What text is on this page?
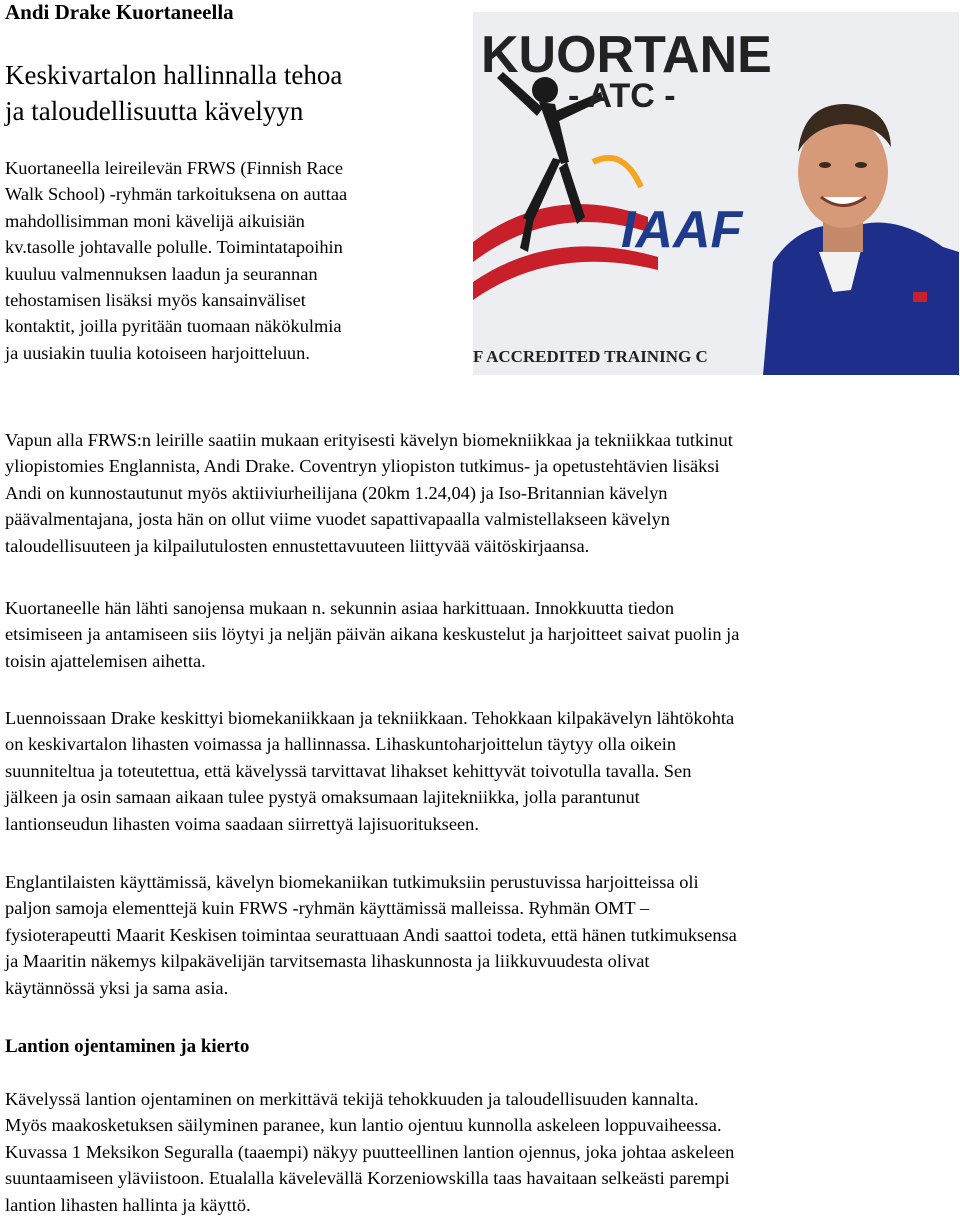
Andi Drake Kuortaneella
Keskivartalon hallinnalla tehoa
ja taloudellisuutta kävelyyn
Kuortaneella leireilevän FRWS (Finnish Race
Walk School) -ryhmän tarkoituksena on auttaa
mahdollisimman moni kävelijä aikuisiän
kv.tasolle johtavalle polulle. Toimintatapoihin
kuuluu valmennuksen laadun ja seurannan
tehostamisen lisäksi myös kansainväliset
kontaktit, joilla pyritään tuomaan näkökulmia
ja uusiakin tuulia kotoiseen harjoitteluun.
KUORTANE
- ATC -
IAAF
F ACCREDITED TRAINING C
Vapun alla FRWS:n leirille saatiin mukaan erityisesti kävelyn biomekniikkaa ja tekniikkaa tutkinut
yliopistomies Englannista, Andi Drake. Coventryn yliopiston tutkimus- ja opetustehtävien lisäksi
Andi on kunnostautunut myös aktiiviurheilijana (20km 1.24,04) ja Iso-Britannian kävelyn
päävalmentajana, josta hän on ollut viime vuodet sapattivapaalla valmistellakseen kävelyn
taloudellisuuteen ja kilpailutulosten ennustettavuuteen liittyvää väitöskirjaansa.
Kuortaneelle hän lähti sanojensa mukaan n. sekunnin asiaa harkittuaan. Innokkuutta tiedon
etsimiseen ja antamiseen siis löytyi ja neljän päivän aikana keskustelut ja harjoitteet saivat puolin ja
toisin ajattelemisen aihetta.
Luennoissaan Drake keskittyi biomekaniikkaan ja tekniikkaan. Tehokkaan kilpakävelyn lähtökohta
on keskivartalon lihasten voimassa ja hallinnassa. Lihaskuntoharjoittelun täytyy olla oikein
suunniteltua ja toteutettua, että kävelyssä tarvittavat lihakset kehittyvät toivotulla tavalla. Sen
jälkeen ja osin samaan aikaan tulee pystyä omaksumaan lajitekniikka, jolla parantunut
lantionseudun lihasten voima saadaan siirrettyä lajisuoritukseen.
Englantilaisten käyttämissä, kävelyn biomekaniikan tutkimuksiin perustuvissa harjoitteissa oli
paljon samoja elementtejä kuin FRWS -ryhmän käyttämissä malleissa. Ryhmän OMT –
fysioterapeutti Maarit Keskisen toimintaa seurattuaan Andi saattoi todeta, että hänen tutkimuksensa
ja Maaritin näkemys kilpakävelijän tarvitsemasta lihaskunnosta ja liikkuvuudesta olivat
käytännössä yksi ja sama asia.
Lantion ojentaminen ja kierto
Kävelyssä lantion ojentaminen on merkittävä tekijä tehokkuuden ja taloudellisuuden kannalta.
Myös maakosketuksen säilyminen paranee, kun lantio ojentuu kunnolla askeleen loppuvaiheessa.
Kuvassa 1 Meksikon Seguralla (taaempi) näkyy puutteellinen lantion ojennus, joka johtaa askeleen
suuntaamiseen yläviistoon. Etualalla kävelevällä Korzeniowskilla taas havaitaan selkeästi parempi
lantion lihasten hallinta ja käyttö.
